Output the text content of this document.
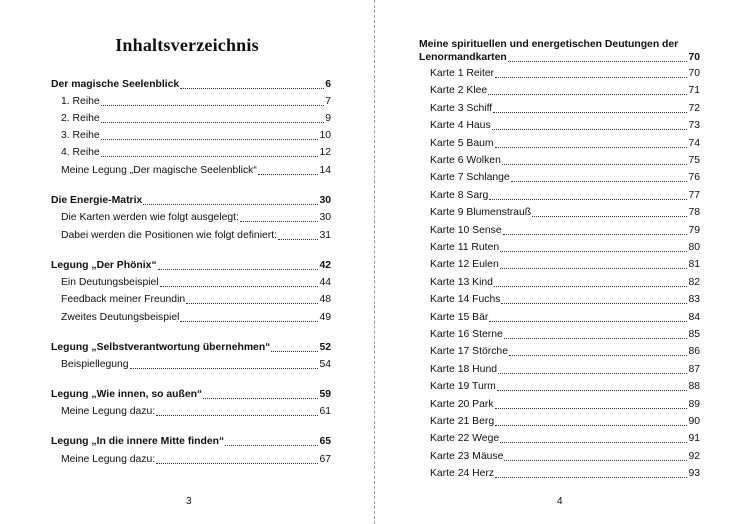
Inhaltsverzeichnis
Der magische Seelenblick	6
1. Reihe	7
2. Reihe	9
3. Reihe	10
4. Reihe	12
Meine Legung „Der magische Seelenblick“	14
Die Energie-Matrix	30
Die Karten werden wie folgt ausgelegt:	30
Dabei werden die Positionen wie folgt definiert:	31
Legung „Der Phönix“	42
Ein Deutungsbeispiel	44
Feedback meiner Freundin	48
Zweites Deutungsbeispiel	49
Legung „Selbstverantwortung übernehmen“	52
Beispiellegung	54
Legung „Wie innen, so außen“	59
Meine Legung dazu:	61
Legung „In die innere Mitte finden“	65
Meine Legung dazu:	67
3
Meine spirituellen und energetischen Deutungen der
Lenormandkarten	70
Karte 1 Reiter	70
Karte 2 Klee	71
Karte 3 Schiff	72
Karte 4 Haus	73
Karte 5 Baum	74
Karte 6 Wolken	75
Karte 7 Schlange	76
Karte 8 Sarg	77
Karte 9 Blumenstrauß	78
Karte 10 Sense	79
Karte 11 Ruten	80
Karte 12 Eulen	81
Karte 13 Kind	82
Karte 14 Fuchs	83
Karte 15 Bär	84
Karte 16 Sterne	85
Karte 17 Störche	86
Karte 18 Hund	87
Karte 19 Turm	88
Karte 20 Park	89
Karte 21 Berg	90
Karte 22 Wege	91
Karte 23 Mäuse	92
Karte 24 Herz	93
4
